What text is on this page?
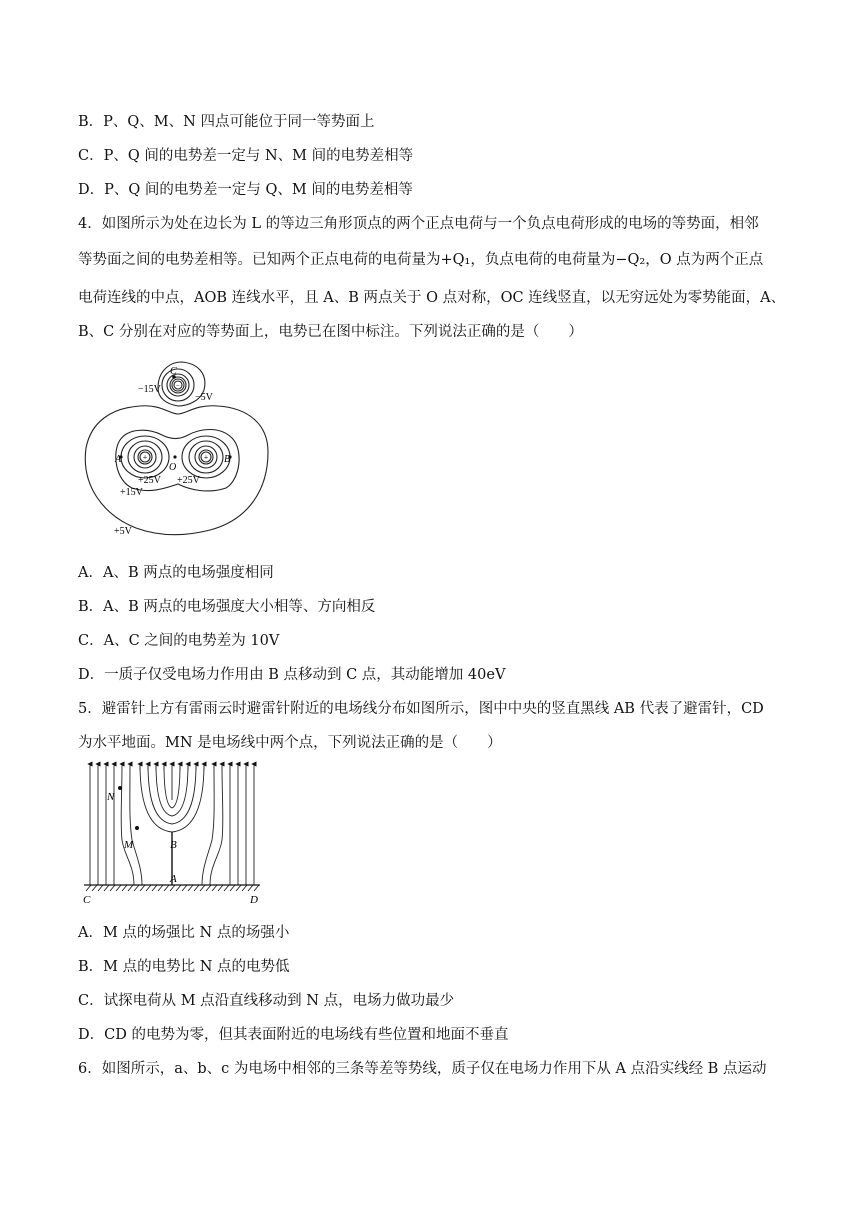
B．P、Q、M、N 四点可能位于同一等势面上
C．P、Q 间的电势差一定与 N、M 间的电势差相等
D．P、Q 间的电势差一定与 Q、M 间的电势差相等
4．如图所示为处在边长为 L 的等边三角形顶点的两个正点电荷与一个负点电荷形成的电场的等势面，相邻
等势面之间的电势差相等。已知两个正点电荷的电荷量为+Q₁，负点电荷的电荷量为−Q₂，O 点为两个正点
电荷连线的中点，AOB 连线水平，且 A、B 两点关于 O 点对称，OC 连线竖直，以无穷远处为零势能面，A、
B、C 分别在对应的等势面上，电势已在图中标注。下列说法正确的是（　　）
+	+
−
C
−15V
−5V
A	B
O
+25V +25V
+15V
+5V
A．A、B 两点的电场强度相同
B．A、B 两点的电场强度大小相等、方向相反
C．A、C 之间的电势差为 10V
D．一质子仅受电场力作用由 B 点移动到 C 点，其动能增加 40eV
5．避雷针上方有雷雨云时避雷针附近的电场线分布如图所示，图中中央的竖直黑线 AB 代表了避雷针，CD
为水平地面。MN 是电场线中两个点，下列说法正确的是（　　）
N
M	B
A
C	D
A．M 点的场强比 N 点的场强小
B．M 点的电势比 N 点的电势低
C．试探电荷从 M 点沿直线移动到 N 点，电场力做功最少
D．CD 的电势为零，但其表面附近的电场线有些位置和地面不垂直
6．如图所示，a、b、c 为电场中相邻的三条等差等势线，质子仅在电场力作用下从 A 点沿实线经 B 点运动
